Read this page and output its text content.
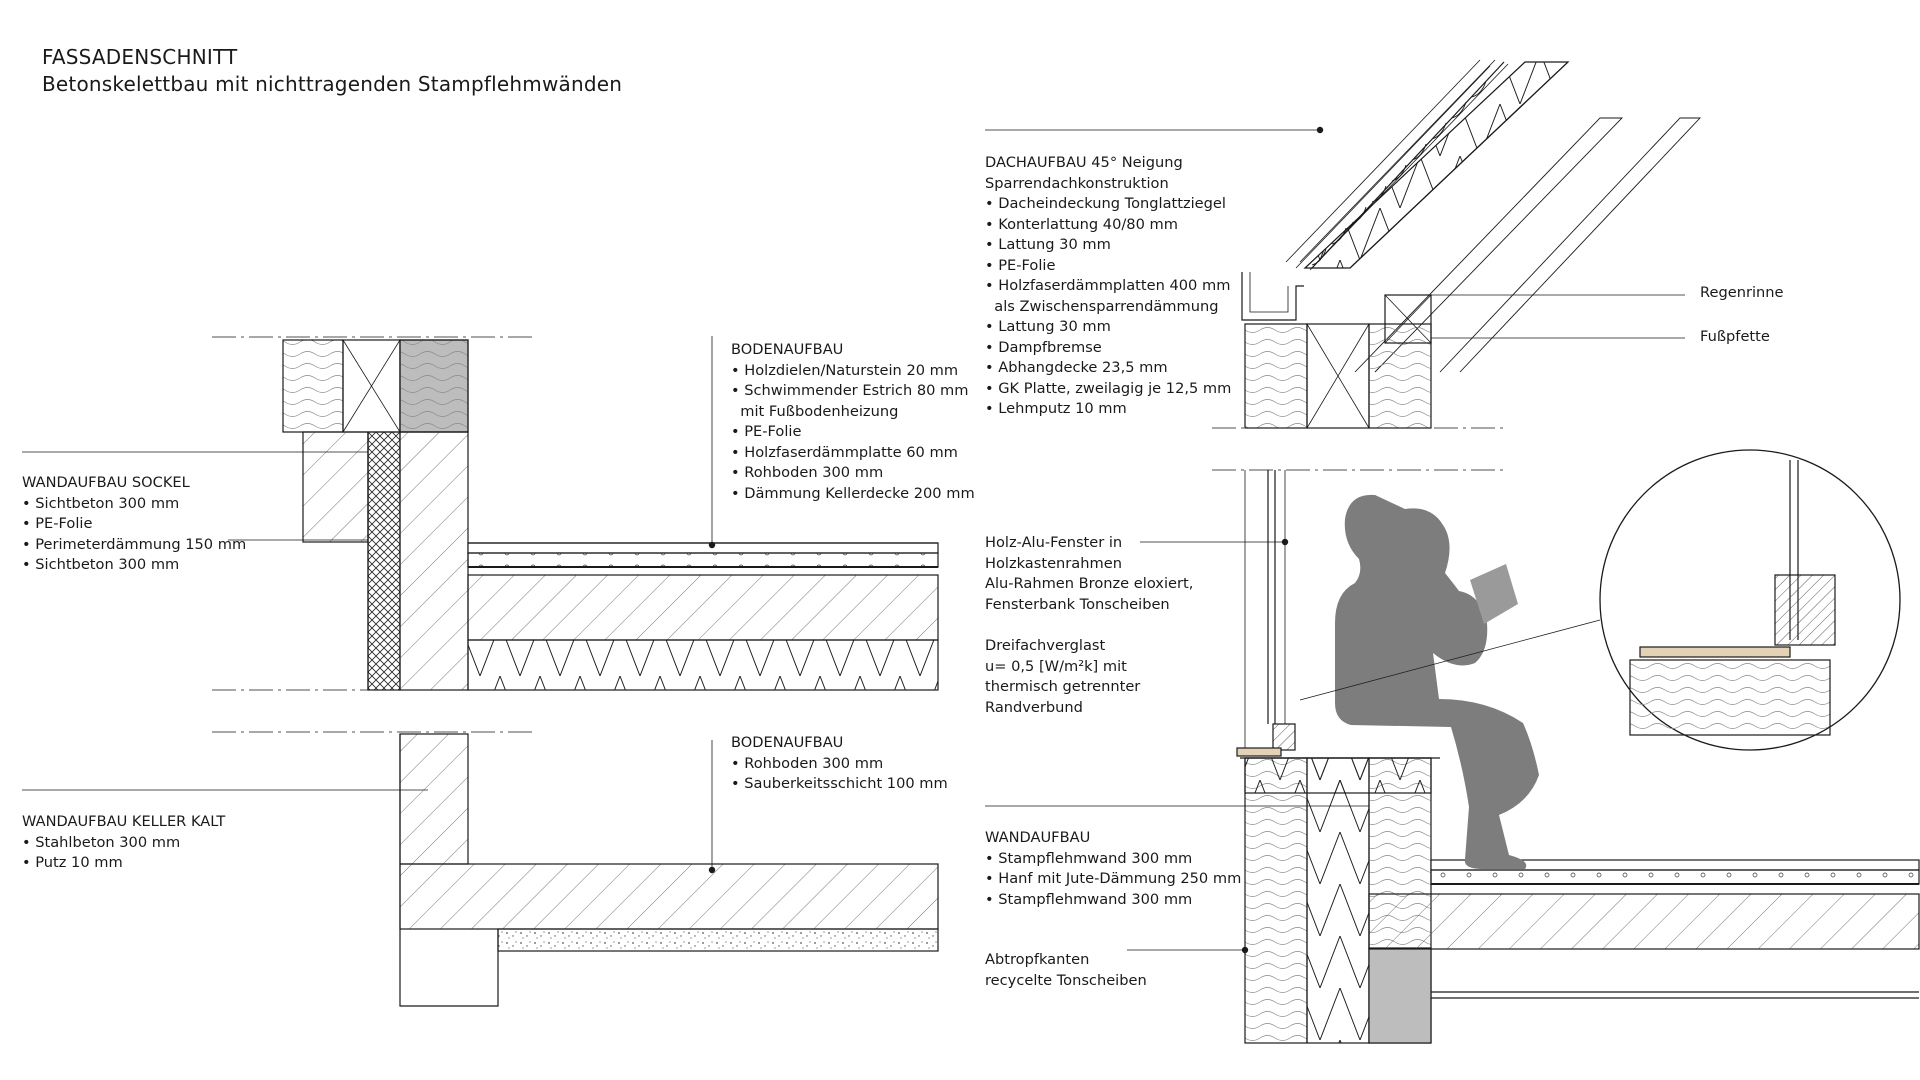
FASSADENSCHNITT
Betonskelettbau mit nichttragenden Stampflehmwänden
WANDAUFBAU SOCKEL
• Sichtbeton 300 mm
• PE-Folie
• Perimeterdämmung 150 mm
• Sichtbeton 300 mm
WANDAUFBAU KELLER KALT
• Stahlbeton 300 mm
• Putz 10 mm
BODENAUFBAU
• Holzdielen/Naturstein 20 mm
• Schwimmender Estrich 80 mm
mit Fußbodenheizung
• PE-Folie
• Holzfaserdämmplatte 60 mm
• Rohboden 300 mm
• Dämmung Kellerdecke 200 mm
BODENAUFBAU
• Rohboden 300 mm
• Sauberkeitsschicht 100 mm
DACHAUFBAU 45° Neigung
Sparrendachkonstruktion
• Dacheindeckung Tonglattziegel
• Konterlattung 40/80 mm
• Lattung 30 mm
• PE-Folie
• Holzfaserdämmplatten 400 mm
als Zwischensparrendämmung
• Lattung 30 mm
• Dampfbremse
• Abhangdecke 23,5 mm
• GK Platte, zweilagig je 12,5 mm
• Lehmputz 10 mm
Holz-Alu-Fenster in
Holzkastenrahmen
Alu-Rahmen Bronze eloxiert,
Fensterbank Tonscheiben
Dreifachverglast
u= 0,5 [W/m²k] mit
thermisch getrennter
Randverbund
WANDAUFBAU
• Stampflehmwand 300 mm
• Hanf mit Jute-Dämmung 250 mm
• Stampflehmwand 300 mm
Abtropfkanten
recycelte Tonscheiben
Regenrinne
Fußpfette
